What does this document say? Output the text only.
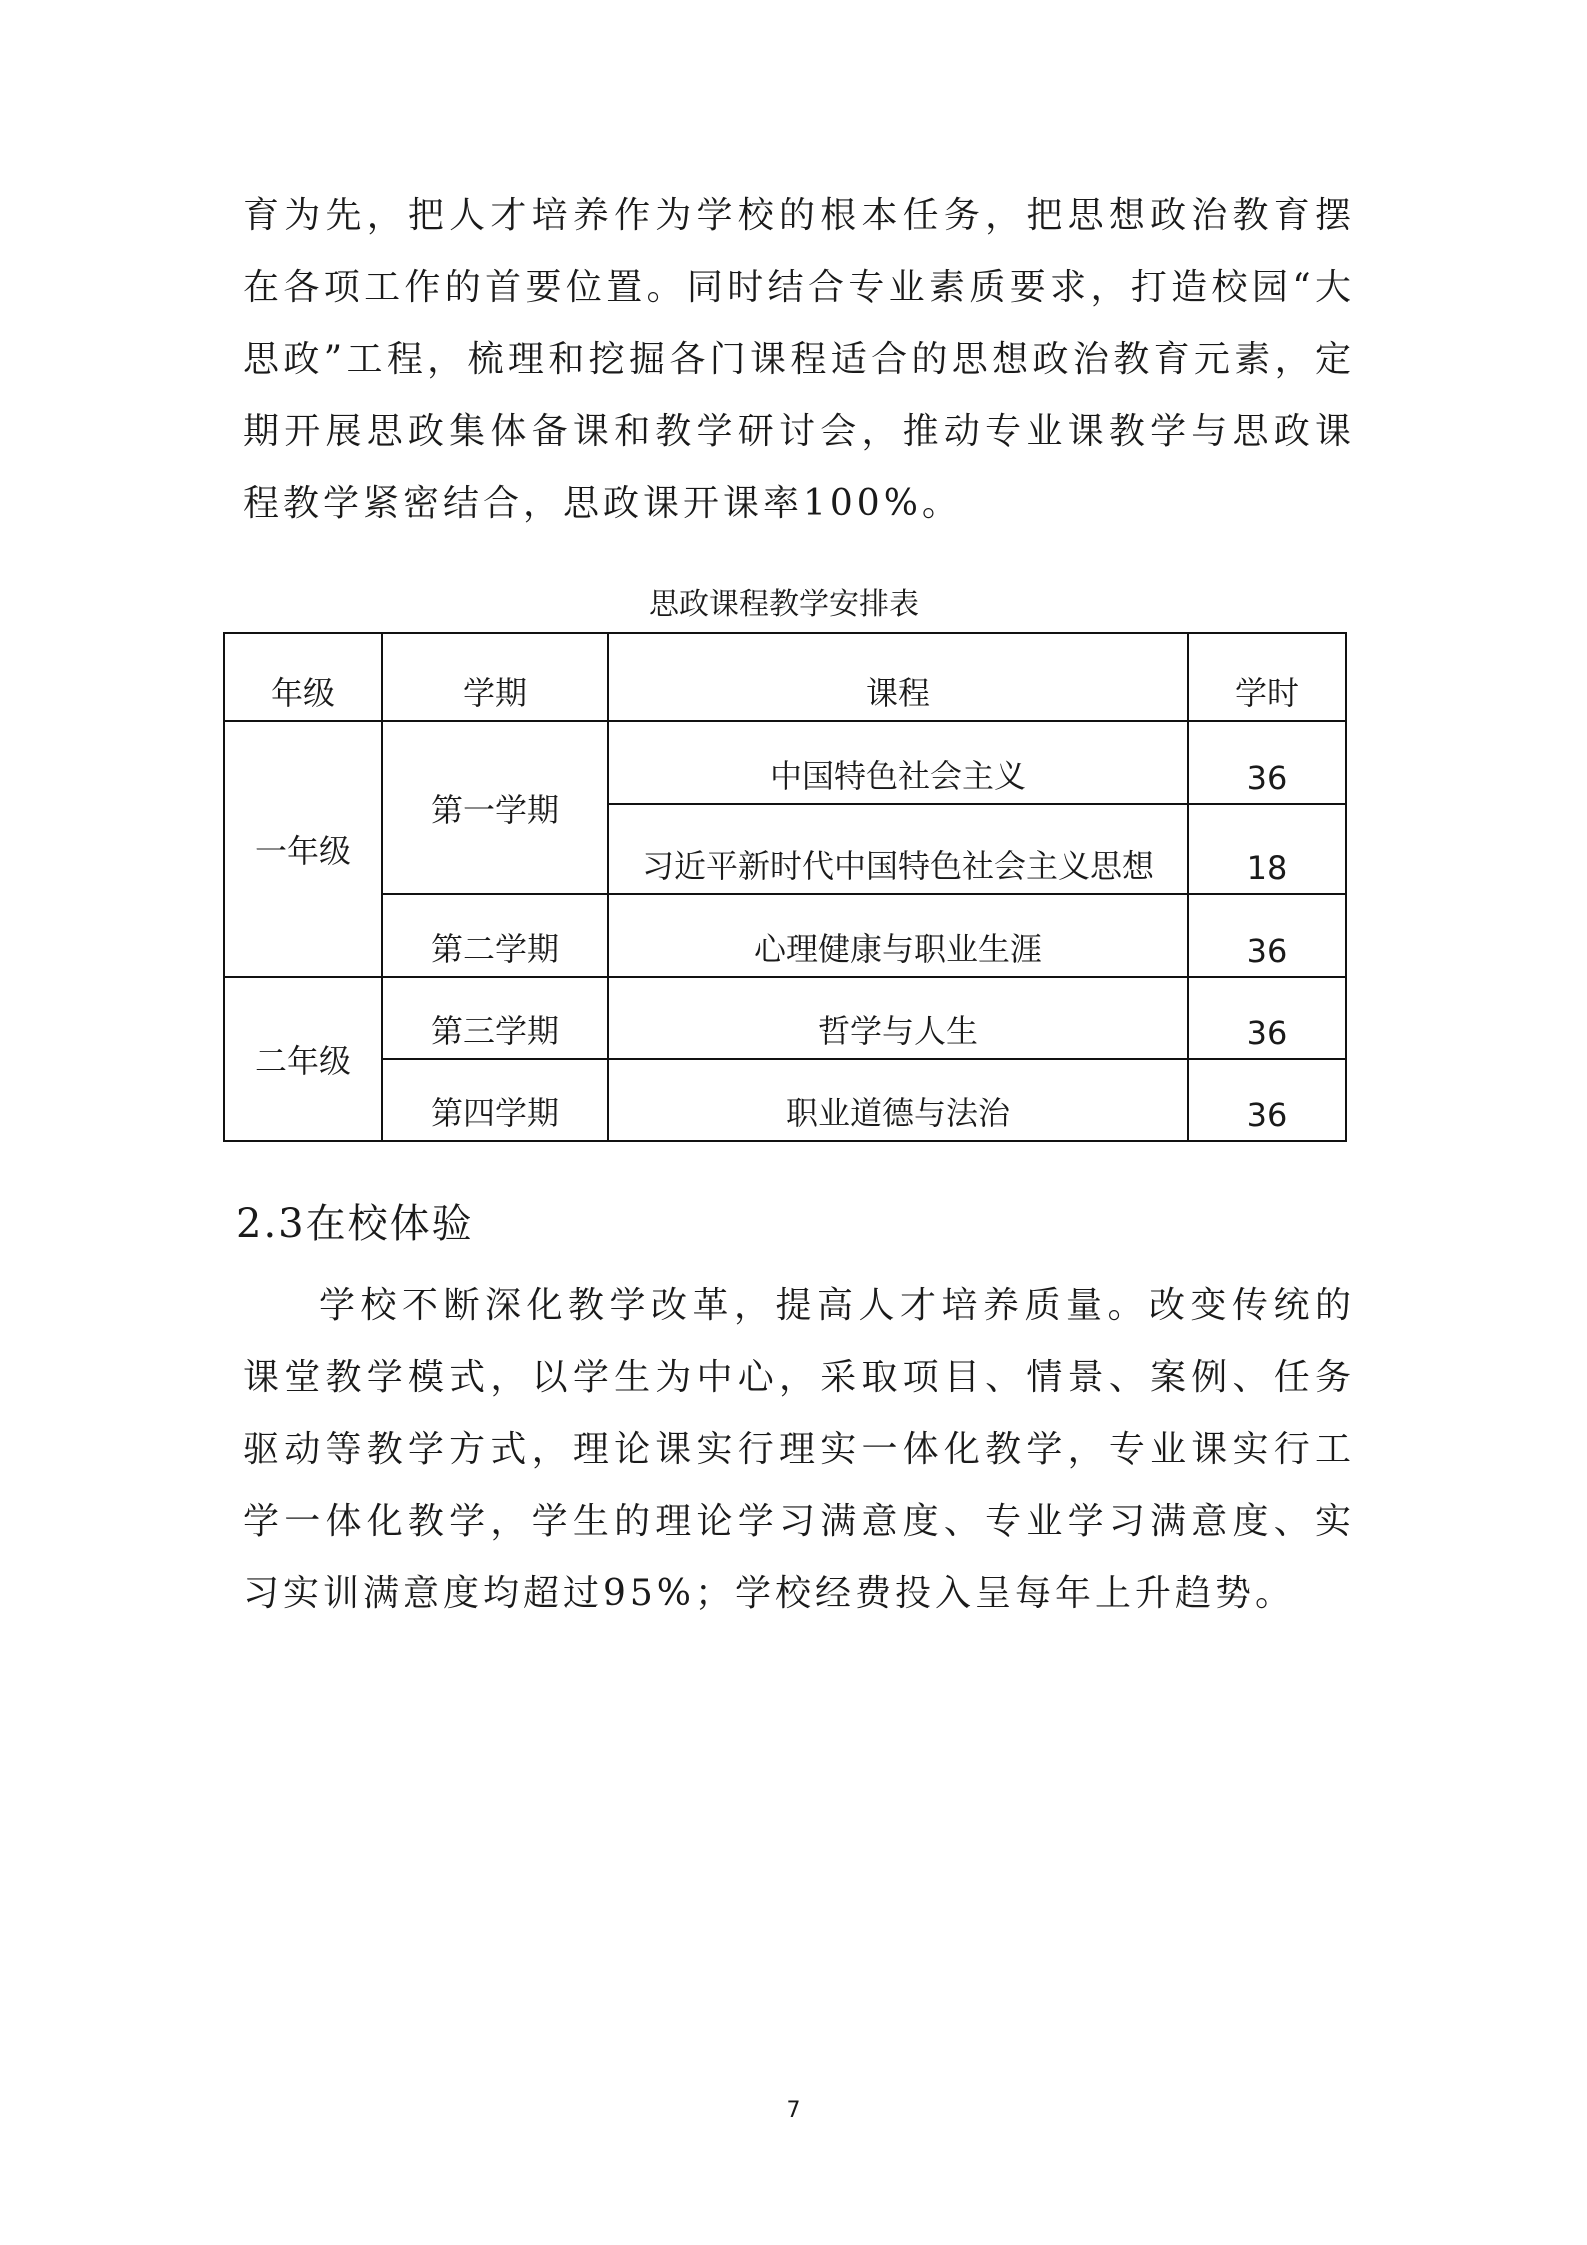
育为先，把人才培养作为学校的根本任务，把思想政治教育摆在各项工作的首要位置。同时结合专业素质要求，打造校园“大思政”工程，梳理和挖掘各门课程适合的思想政治教育元素，定期开展思政集体备课和教学研讨会，推动专业课教学与思政课程教学紧密结合，思政课开课率100%。

思政课程教学安排表

年级	学期	课程	学时
一年级	第一学期	中国特色社会主义	36
		习近平新时代中国特色社会主义思想	18
	第二学期	心理健康与职业生涯	36
二年级	第三学期	哲学与人生	36
	第四学期	职业道德与法治	36
2.3在校体验

学校不断深化教学改革，提高人才培养质量。改变传统的课堂教学模式，以学生为中心，采取项目、情景、案例、任务驱动等教学方式，理论课实行理实一体化教学，专业课实行工学一体化教学，学生的理论学习满意度、专业学习满意度、实习实训满意度均超过95%；学校经费投入呈每年上升趋势。

7
